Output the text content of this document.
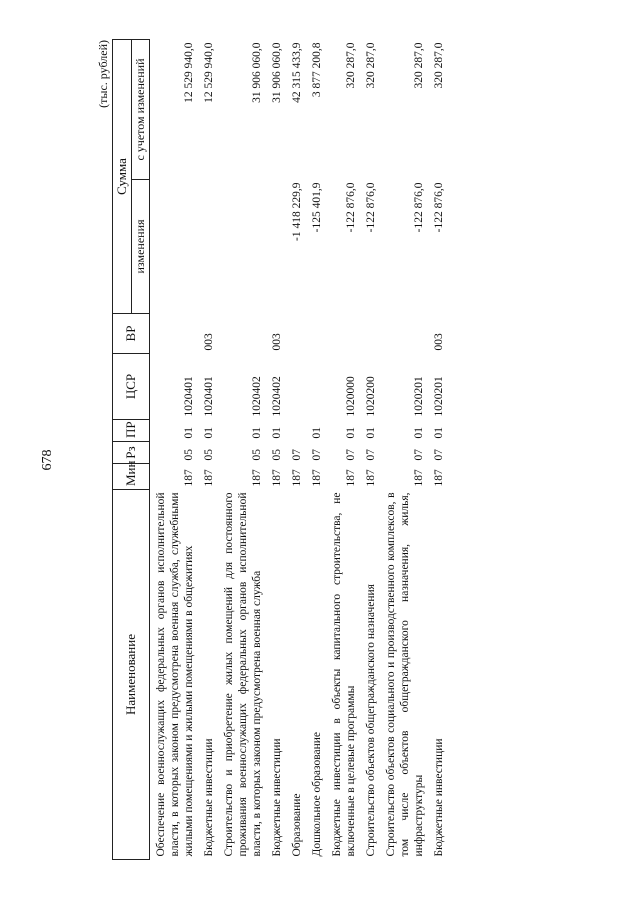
678
(тыс. рублей)
Наименование	Мин	Рз	ПР	ЦСР	ВР	Сумма	
						изменения	с учетом изменений
Обеспечение военнослужащих федеральных органов исполнительной власти, в которых законом предусмотрена военная служба, служебными жилыми помещениями и жилыми помещениями в общежитиях	187	05	01	1020401			12 529 940,0
Бюджетные инвестиции	187	05	01	1020401	003		12 529 940,0
Строительство и приобретение жилых помещений для постоянного проживания военнослужащих федеральных органов исполнительной власти, в которых законом предусмотрена военная служба	187	05	01	1020402			31 906 060,0
Бюджетные инвестиции	187	05	01	1020402	003		31 906 060,0
Образование	187	07				-1 418 229,9	42 315 433,9
Дошкольное образование	187	07	01			-125 401,9	3 877 200,8
Бюджетные инвестиции в объекты капитального строительства, не включенные в целевые программы	187	07	01	1020000		-122 876,0	320 287,0
Строительство объектов общегражданского назначения	187	07	01	1020200		-122 876,0	320 287,0
Строительство объектов социального и производственного комплексов, в том числе объектов общегражданского назначения, жилья, инфраструктуры	187	07	01	1020201		-122 876,0	320 287,0
Бюджетные инвестиции	187	07	01	1020201	003	-122 876,0	320 287,0
